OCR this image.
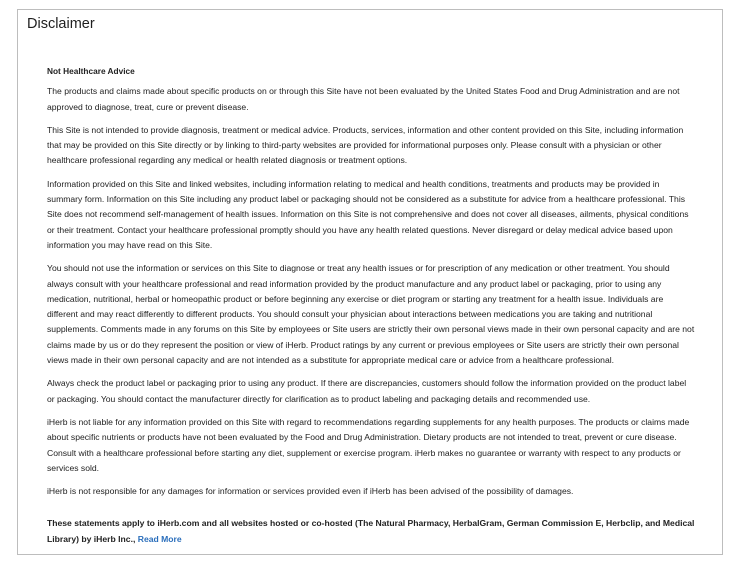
Disclaimer
Not Healthcare Advice

The products and claims made about specific products on or through this Site have not been evaluated by the United States Food and Drug Administration and are not approved to diagnose, treat, cure or prevent disease.

This Site is not intended to provide diagnosis, treatment or medical advice. Products, services, information and other content provided on this Site, including information that may be provided on this Site directly or by linking to third-party websites are provided for informational purposes only. Please consult with a physician or other healthcare professional regarding any medical or health related diagnosis or treatment options.

Information provided on this Site and linked websites, including information relating to medical and health conditions, treatments and products may be provided in summary form. Information on this Site including any product label or packaging should not be considered as a substitute for advice from a healthcare professional. This Site does not recommend self-management of health issues. Information on this Site is not comprehensive and does not cover all diseases, ailments, physical conditions or their treatment. Contact your healthcare professional promptly should you have any health related questions. Never disregard or delay medical advice based upon information you may have read on this Site.

You should not use the information or services on this Site to diagnose or treat any health issues or for prescription of any medication or other treatment. You should always consult with your healthcare professional and read information provided by the product manufacture and any product label or packaging, prior to using any medication, nutritional, herbal or homeopathic product or before beginning any exercise or diet program or starting any treatment for a health issue. Individuals are different and may react differently to different products. You should consult your physician about interactions between medications you are taking and nutritional supplements. Comments made in any forums on this Site by employees or Site users are strictly their own personal views made in their own personal capacity and are not claims made by us or do they represent the position or view of iHerb. Product ratings by any current or previous employees or Site users are strictly their own personal views made in their own personal capacity and are not intended as a substitute for appropriate medical care or advice from a healthcare professional.

Always check the product label or packaging prior to using any product. If there are discrepancies, customers should follow the information provided on the product label or packaging. You should contact the manufacturer directly for clarification as to product labeling and packaging details and recommended use.

iHerb is not liable for any information provided on this Site with regard to recommendations regarding supplements for any health purposes. The products or claims made about specific nutrients or products have not been evaluated by the Food and Drug Administration. Dietary products are not intended to treat, prevent or cure disease. Consult with a healthcare professional before starting any diet, supplement or exercise program. iHerb makes no guarantee or warranty with respect to any products or services sold.

iHerb is not responsible for any damages for information or services provided even if iHerb has been advised of the possibility of damages.

These statements apply to iHerb.com and all websites hosted or co-hosted (The Natural Pharmacy, HerbalGram, German Commission E, Herbclip, and Medical Library) by iHerb Inc., Read More
